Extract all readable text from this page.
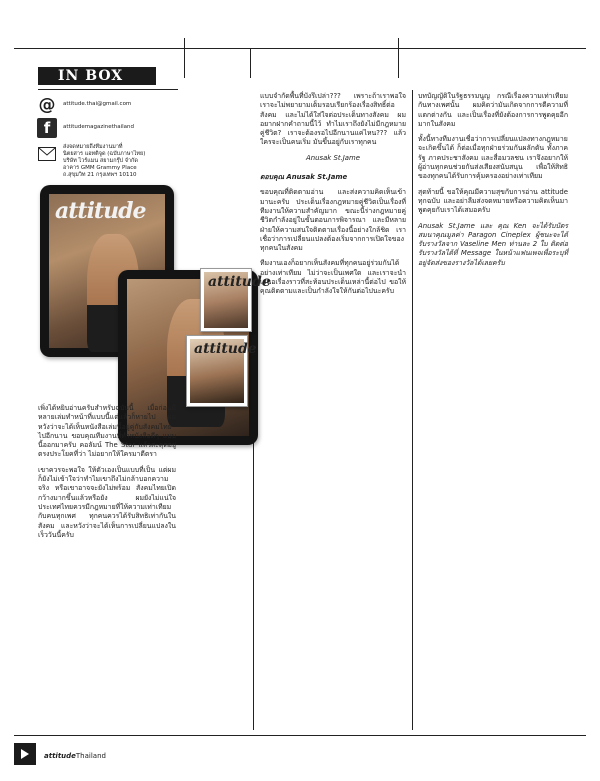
IN BOX
@ attitude.thai@gmail.com
f	attitudemagazinethailand
ส่งจดหมายถึงทีมงานมาที่
นิตยสาร แอทติจูด (ฉบับภาษาไทย)
บริษัท ไวร์แมน สยามกรุ๊ป จำกัด
อาคาร GMM Grammy Place
ถ.สุขุมวิท 21 กรุงเทพฯ 10110
attitude
attitude
attitude

เพิ่งได้หยิบอ่านครับสำหรับฉบับนี้ เมื่อก่อนมีหลายเล่มทำหน้าที่แบบนี้แต่แล้วก็หายไป ผมหวังว่าจะได้เห็นหนังสือเล่มนี้อยู่คู่กับสังคมไทยไปอีกนาน ขอบคุณทีมงานที่ทำหนังสือดีๆ แบบนี้ออกมาครับ คอลัมน์ The Star แล้วสะดุดอยู่ตรงประโยคที่ว่า ไม่อยากให้ใครมาตีตรา

เขาควรจะพอใจ ให้ตัวเองเป็นแบบที่เป็น แต่ผมก็ยังไม่เข้าใจว่าทำไมเขาถึงไม่กล้าบอกความจริง หรือเขาอาจจะยังไม่พร้อม สังคมไทยเปิดกว้างมากขึ้นแล้วหรือยัง ผมยังไม่แน่ใจ ประเทศไทยควรมีกฎหมายที่ให้ความเท่าเทียมกับคนทุกเพศ ทุกคนควรได้รับสิทธิเท่ากันในสังคม และหวังว่าจะได้เห็นการเปลี่ยนแปลงในเร็ววันนี้ครับ

แบบจำกัดพื้นที่บังรึเปล่า??? เพราะถ้าเราพอใจ เราจะไม่พยายามเต็มรอบเรียกร้องเรื่องสิทธิ์ต่อสังคม และไม่ได้ใส่ใจต่อประเด็นทางสังคม ผมอยากฝากคำถามนี้ไว้ ทำไมเราถึงยังไม่มีกฎหมายคู่ชีวิต? เราจะต้องรอไปอีกนานแค่ไหน??? แล้วใครจะเป็นคนเริ่ม มันขึ้นอยู่กับเราทุกคน

Anusak St.Jame

ตอบคุณ Anusak St.Jame

ขอบคุณที่ติดตามอ่าน และส่งความคิดเห็นเข้ามานะครับ ประเด็นเรื่องกฎหมายคู่ชีวิตเป็นเรื่องที่ทีมงานให้ความสำคัญมาก ขณะนี้ร่างกฎหมายคู่ชีวิตกำลังอยู่ในขั้นตอนการพิจารณา และมีหลายฝ่ายให้ความสนใจติดตามเรื่องนี้อย่างใกล้ชิด เราเชื่อว่าการเปลี่ยนแปลงต้องเริ่มจากการเปิดใจของทุกคนในสังคม

ทีมงานเองก็อยากเห็นสังคมที่ทุกคนอยู่ร่วมกันได้อย่างเท่าเทียม ไม่ว่าจะเป็นเพศใด และเราจะนำเสนอเรื่องราวที่สะท้อนประเด็นเหล่านี้ต่อไป ขอให้คุณติดตามและเป็นกำลังใจให้กันต่อไปนะครับ

บทบัญญัติในรัฐธรรมนูญ กรณีเรื่องความเท่าเทียมกันทางเพศนั้น ผมคิดว่ามันเกิดจากการตีความที่แตกต่างกัน และเป็นเรื่องที่ยังต้องการการพูดคุยอีกมากในสังคม

ทั้งนี้ทางทีมงานเชื่อว่าการเปลี่ยนแปลงทางกฎหมายจะเกิดขึ้นได้ ก็ต่อเมื่อทุกฝ่ายร่วมกันผลักดัน ทั้งภาครัฐ ภาคประชาสังคม และสื่อมวลชน เราจึงอยากให้ผู้อ่านทุกคนช่วยกันส่งเสียงสนับสนุน เพื่อให้สิทธิของทุกคนได้รับการคุ้มครองอย่างเท่าเทียม

สุดท้ายนี้ ขอให้คุณมีความสุขกับการอ่าน attitude ทุกฉบับ และอย่าลืมส่งจดหมายหรือความคิดเห็นมาพูดคุยกับเราได้เสมอครับ

Anusak St.Jame และ คุณ Ken จะได้รับบัตรสมนาคุณมูลค่า Paragon Cineplex ผู้ชนะจะได้รับรางวัลจาก Vaseline Men ท่านละ 2 ใบ ติดต่อรับรางวัลได้ที่ Message ในหน้าแฟนเพจเพื่อระบุที่อยู่จัดส่งของรางวัลได้เลยครับ

attitudeThailand
